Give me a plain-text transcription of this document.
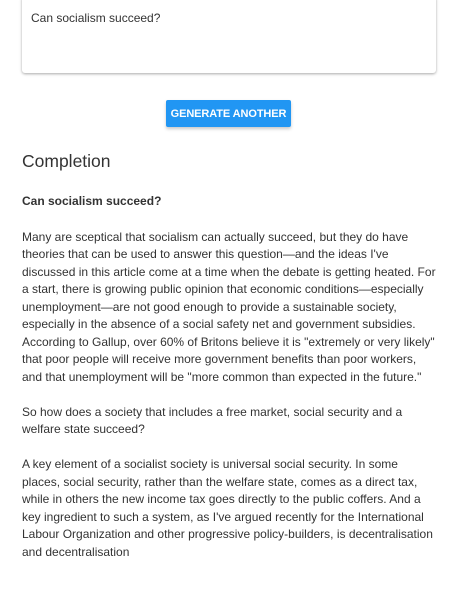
Can socialism succeed?
GENERATE ANOTHER
Completion
Can socialism succeed?

Many are sceptical that socialism can actually succeed, but they do have theories that can be used to answer this question—and the ideas I've discussed in this article come at a time when the debate is getting heated. For a start, there is growing public opinion that economic conditions—especially unemployment—are not good enough to provide a sustainable society, especially in the absence of a social safety net and government subsidies. According to Gallup, over 60% of Britons believe it is "extremely or very likely" that poor people will receive more government benefits than poor workers, and that unemployment will be "more common than expected in the future."

So how does a society that includes a free market, social security and a welfare state succeed?

A key element of a socialist society is universal social security. In some places, social security, rather than the welfare state, comes as a direct tax, while in others the new income tax goes directly to the public coffers. And a key ingredient to such a system, as I've argued recently for the International Labour Organization and other progressive policy-builders, is decentralisation and decentralisation
